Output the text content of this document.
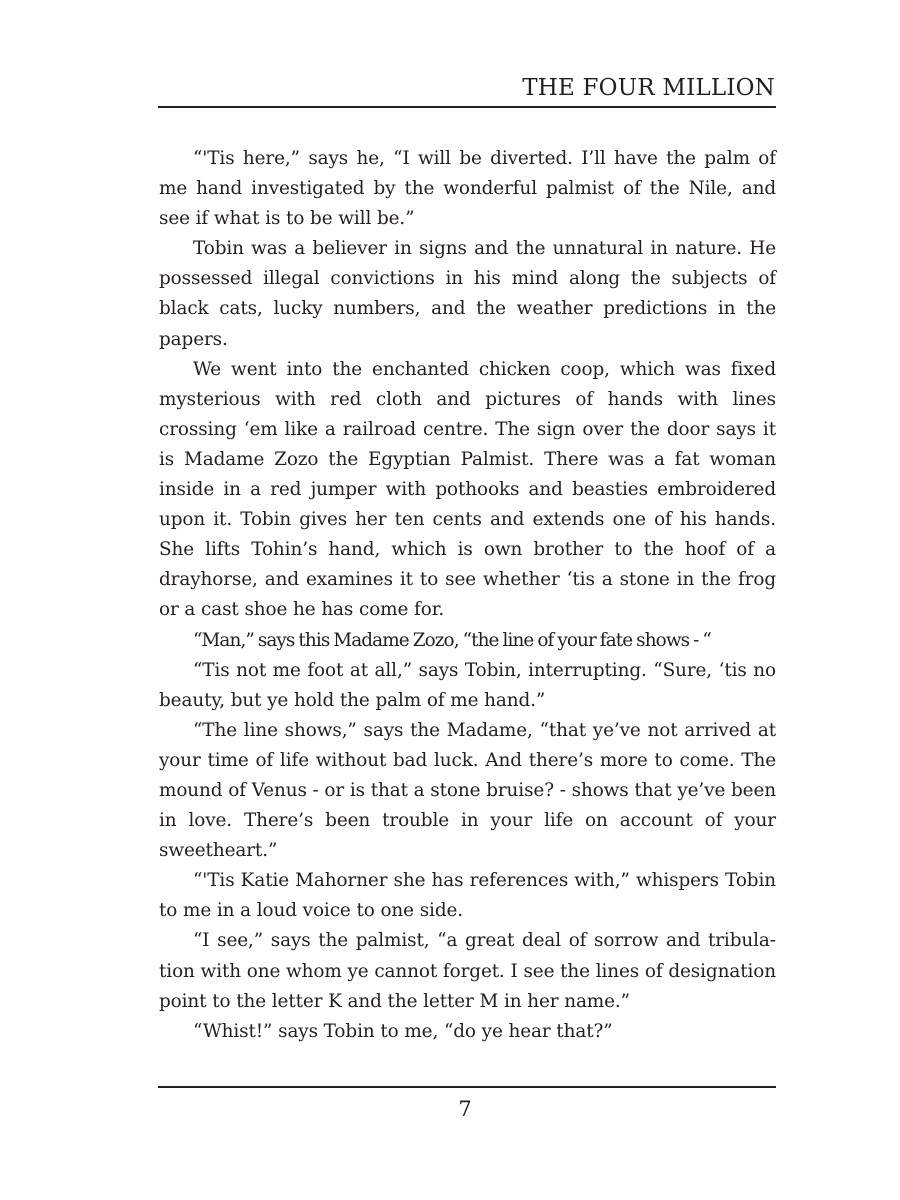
THE FOUR MILLION

“'Tis here,” says he, “I will be diverted. I’ll have the palm of me hand investigated by the wonderful palmist of the Nile, and see if what is to be will be.”

Tobin was a believer in signs and the unnatural in nature. He possessed illegal convictions in his mind along the subjects of black cats, lucky numbers, and the weather predictions in the papers.

We went into the enchanted chicken coop, which was fixed mysterious with red cloth and pictures of hands with lines crossing ‘em like a railroad centre. The sign over the door says it is Madame Zozo the Egyptian Palmist. There was a fat woman inside in a red jumper with pothooks and beasties embroidered upon it. Tobin gives her ten cents and extends one of his hands. She lifts Tohin’s hand, which is own brother to the hoof of a drayhorse, and examines it to see whether ‘tis a stone in the frog or a cast shoe he has come for.

“Man,” says this Madame Zozo, “the line of your fate shows - “

“Tis not me foot at all,” says Tobin, interrupting. “Sure, ‘tis no beauty, but ye hold the palm of me hand.”

“The line shows,” says the Madame, “that ye’ve not arrived at your time of life without bad luck. And there’s more to come. The mound of Venus - or is that a stone bruise? - shows that ye’ve been in love. There’s been trouble in your life on account of your sweetheart.”

“'Tis Katie Mahorner she has references with,” whispers Tobin to me in a loud voice to one side.

“I see,” says the palmist, “a great deal of sorrow and tribulation with one whom ye cannot forget. I see the lines of designation point to the letter K and the letter M in her name.”

“Whist!” says Tobin to me, “do ye hear that?”

7
